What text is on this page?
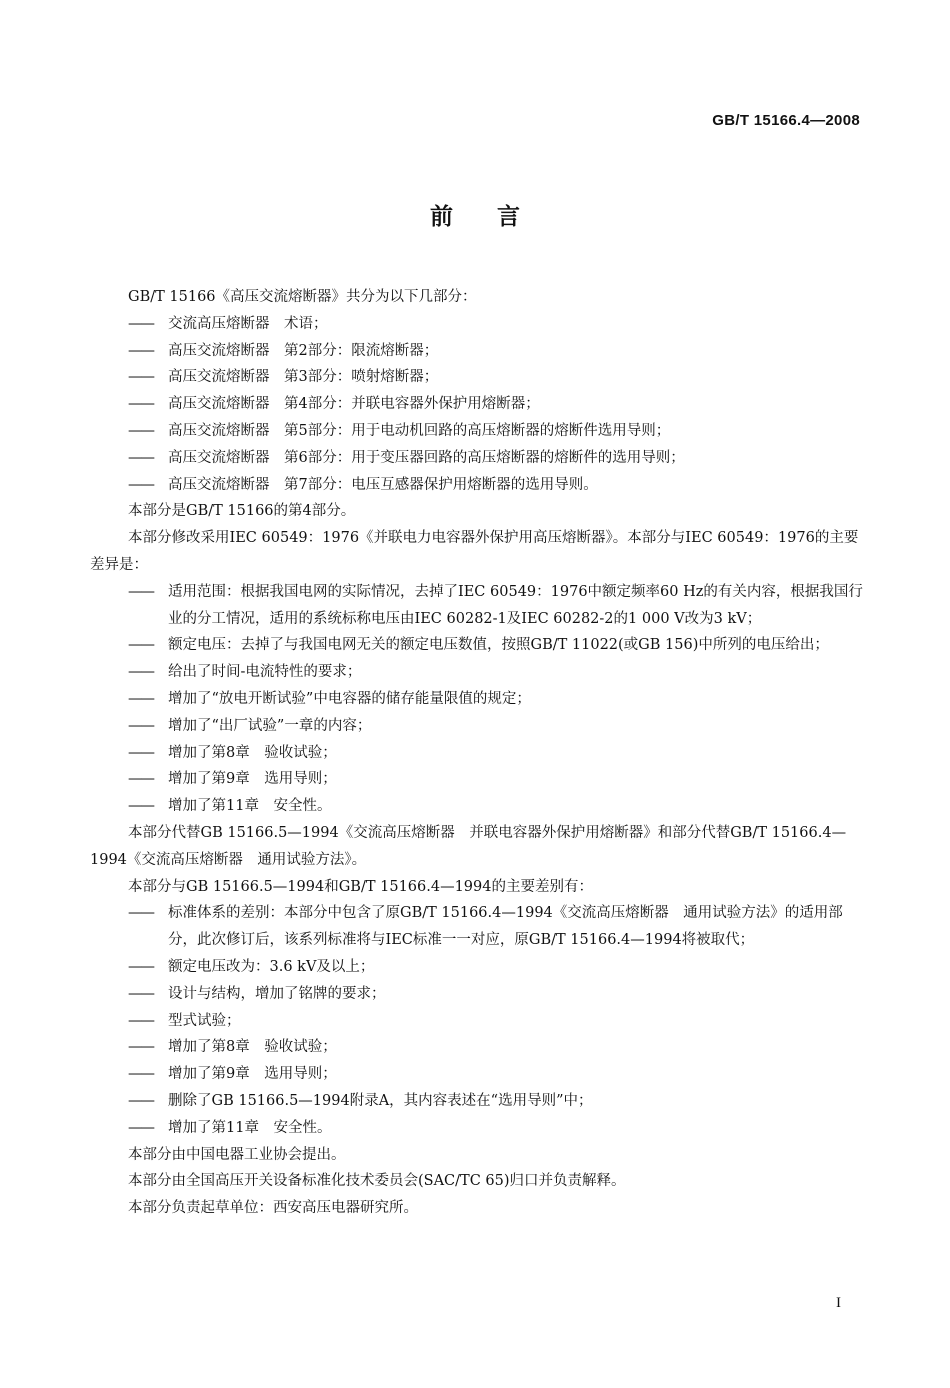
GB/T 15166.4—2008
前言

GB/T 15166《高压交流熔断器》共分为以下几部分：

—— 交流高压熔断器　术语；

—— 高压交流熔断器　第2部分：限流熔断器；

—— 高压交流熔断器　第3部分：喷射熔断器；

—— 高压交流熔断器　第4部分：并联电容器外保护用熔断器；

—— 高压交流熔断器　第5部分：用于电动机回路的高压熔断器的熔断件选用导则；

—— 高压交流熔断器　第6部分：用于变压器回路的高压熔断器的熔断件的选用导则；

—— 高压交流熔断器　第7部分：电压互感器保护用熔断器的选用导则。

本部分是GB/T 15166的第4部分。

本部分修改采用IEC 60549：1976《并联电力电容器外保护用高压熔断器》。本部分与IEC 60549：1976的主要差异是：

—— 适用范围：根据我国电网的实际情况，去掉了IEC 60549：1976中额定频率60 Hz的有关内容，根据我国行业的分工情况，适用的系统标称电压由IEC 60282-1及IEC 60282-2的1 000 V改为3 kV；

—— 额定电压：去掉了与我国电网无关的额定电压数值，按照GB/T 11022(或GB 156)中所列的电压给出；

—— 给出了时间-电流特性的要求；

—— 增加了“放电开断试验”中电容器的储存能量限值的规定；

—— 增加了“出厂试验”一章的内容；

—— 增加了第8章　验收试验；

—— 增加了第9章　选用导则；

—— 增加了第11章　安全性。

本部分代替GB 15166.5—1994《交流高压熔断器　并联电容器外保护用熔断器》和部分代替GB/T 15166.4—1994《交流高压熔断器　通用试验方法》。

本部分与GB 15166.5—1994和GB/T 15166.4—1994的主要差别有：

—— 标准体系的差别：本部分中包含了原GB/T 15166.4—1994《交流高压熔断器　通用试验方法》的适用部分，此次修订后，该系列标准将与IEC标准一一对应，原GB/T 15166.4—1994将被取代；

—— 额定电压改为：3.6 kV及以上；

—— 设计与结构，增加了铭牌的要求；

—— 型式试验；

—— 增加了第8章　验收试验；

—— 增加了第9章　选用导则；

—— 删除了GB 15166.5—1994附录A，其内容表述在“选用导则”中；

—— 增加了第11章　安全性。

本部分由中国电器工业协会提出。

本部分由全国高压开关设备标准化技术委员会(SAC/TC 65)归口并负责解释。

本部分负责起草单位：西安高压电器研究所。

I
